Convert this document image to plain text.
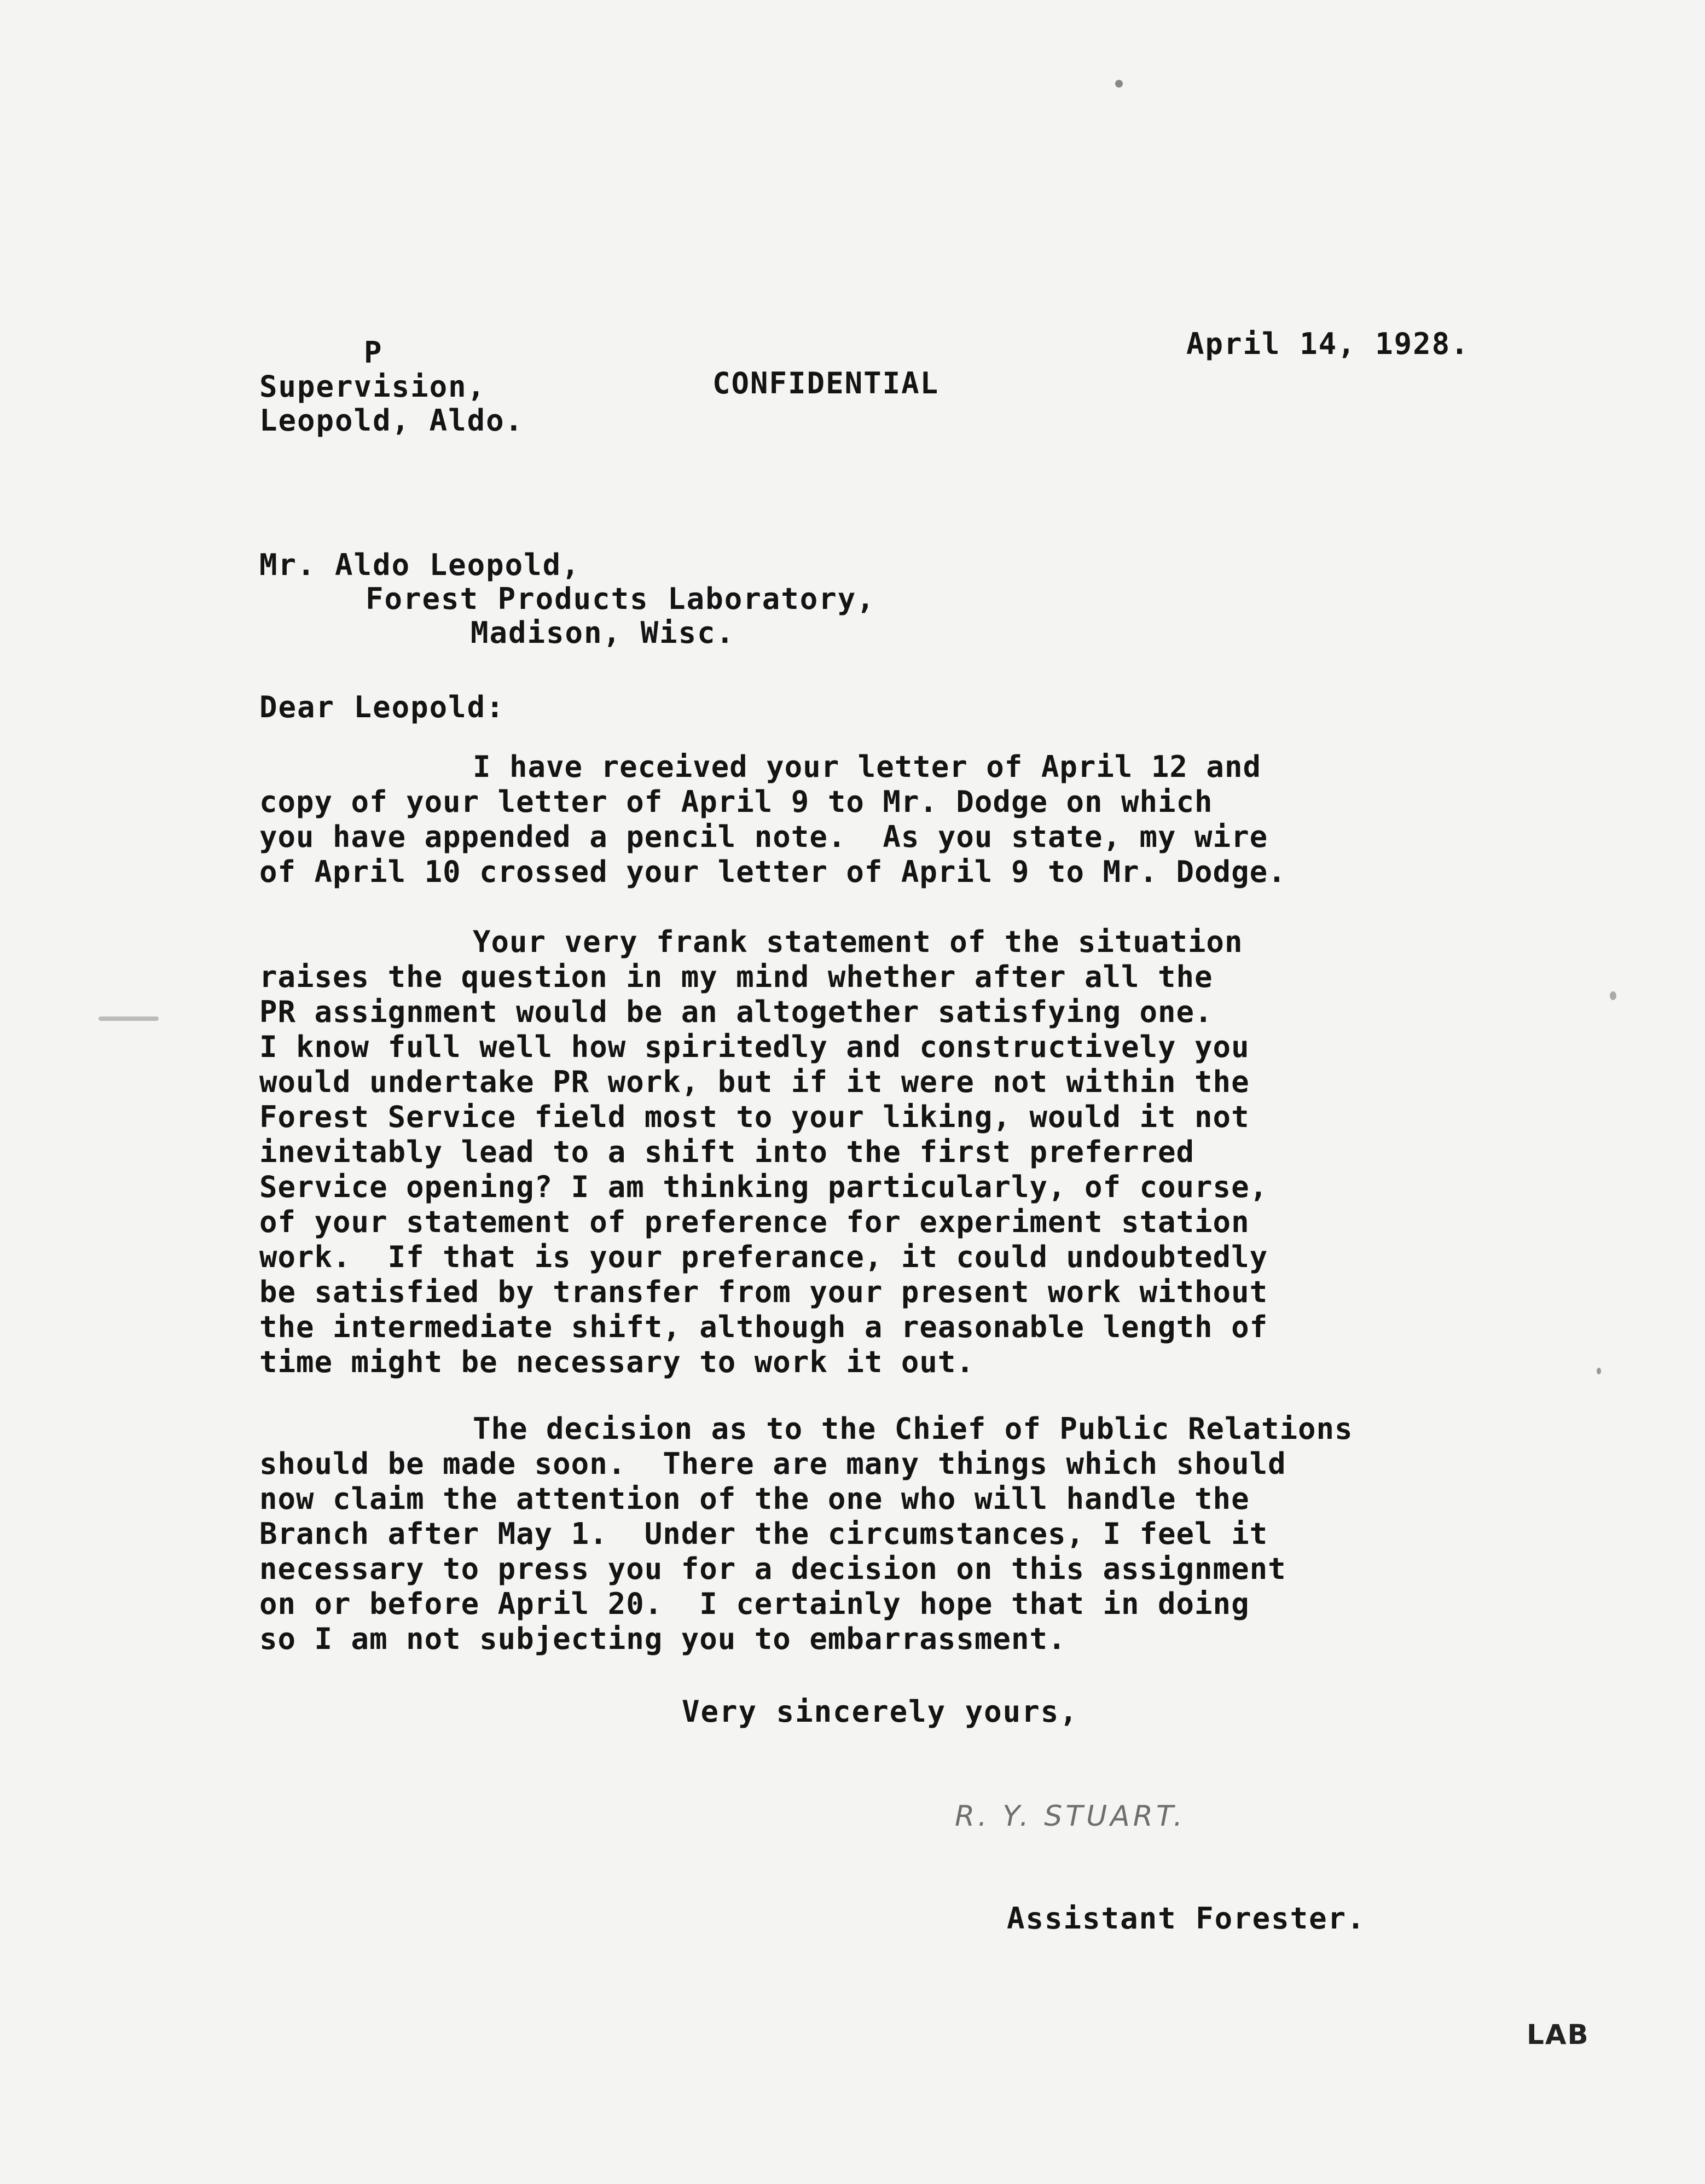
P
Supervision,
Leopold, Aldo.
CONFIDENTIAL
April 14, 1928.
Mr. Aldo Leopold,
Forest Products Laboratory,
Madison, Wisc.
Dear Leopold:
I have received your letter of April 12 and
copy of your letter of April 9 to Mr. Dodge on which
you have appended a pencil note.  As you state, my wire
of April 10 crossed your letter of April 9 to Mr. Dodge.
Your very frank statement of the situation
raises the question in my mind whether after all the
PR assignment would be an altogether satisfying one.
I know full well how spiritedly and constructively you
would undertake PR work, but if it were not within the
Forest Service field most to your liking, would it not
inevitably lead to a shift into the first preferred
Service opening? I am thinking particularly, of course,
of your statement of preference for experiment station
work.  If that is your preferance, it could undoubtedly
be satisfied by transfer from your present work without
the intermediate shift, although a reasonable length of
time might be necessary to work it out.
The decision as to the Chief of Public Relations
should be made soon.  There are many things which should
now claim the attention of the one who will handle the
Branch after May 1.  Under the circumstances, I feel it
necessary to press you for a decision on this assignment
on or before April 20.  I certainly hope that in doing
so I am not subjecting you to embarrassment.
Very sincerely yours,
R. Y. STUART.
Assistant Forester.
LAB
